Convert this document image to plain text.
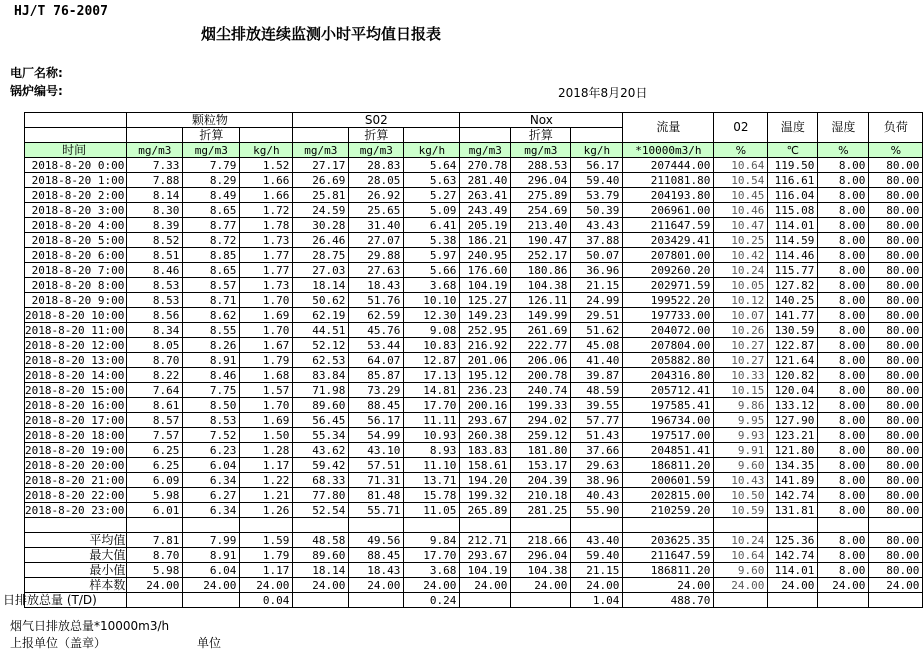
HJ/T 76-2007
烟尘排放连续监测小时平均值日报表
电厂名称:
锅炉编号:	2018年8月20日
	颗粒物			S02			Nox			流量	02	温度	湿度	负荷
		折算			折算			折算						
时间	mg/m3	mg/m3	kg/h	mg/m3	mg/m3	kg/h	mg/m3	mg/m3	kg/h	*10000m3/h	%	℃	%	%
2018-8-20 0:00	7.33	7.79	1.52	27.17	28.83	5.64	270.78	288.53	56.17	207444.00	10.64	119.50	8.00	80.00
2018-8-20 1:00	7.88	8.29	1.66	26.69	28.05	5.63	281.40	296.04	59.40	211081.80	10.54	116.61	8.00	80.00
2018-8-20 2:00	8.14	8.49	1.66	25.81	26.92	5.27	263.41	275.89	53.79	204193.80	10.45	116.04	8.00	80.00
2018-8-20 3:00	8.30	8.65	1.72	24.59	25.65	5.09	243.49	254.69	50.39	206961.00	10.46	115.08	8.00	80.00
2018-8-20 4:00	8.39	8.77	1.78	30.28	31.40	6.41	205.19	213.40	43.43	211647.59	10.47	114.01	8.00	80.00
2018-8-20 5:00	8.52	8.72	1.73	26.46	27.07	5.38	186.21	190.47	37.88	203429.41	10.25	114.59	8.00	80.00
2018-8-20 6:00	8.51	8.85	1.77	28.75	29.88	5.97	240.95	252.17	50.07	207801.00	10.42	114.46	8.00	80.00
2018-8-20 7:00	8.46	8.65	1.77	27.03	27.63	5.66	176.60	180.86	36.96	209260.20	10.24	115.77	8.00	80.00
2018-8-20 8:00	8.53	8.57	1.73	18.14	18.43	3.68	104.19	104.38	21.15	202971.59	10.05	127.82	8.00	80.00
2018-8-20 9:00	8.53	8.71	1.70	50.62	51.76	10.10	125.27	126.11	24.99	199522.20	10.12	140.25	8.00	80.00
2018-8-20 10:00	8.56	8.62	1.69	62.19	62.59	12.30	149.23	149.99	29.51	197733.00	10.07	141.77	8.00	80.00
2018-8-20 11:00	8.34	8.55	1.70	44.51	45.76	9.08	252.95	261.69	51.62	204072.00	10.26	130.59	8.00	80.00
2018-8-20 12:00	8.05	8.26	1.67	52.12	53.44	10.83	216.92	222.77	45.08	207804.00	10.27	122.87	8.00	80.00
2018-8-20 13:00	8.70	8.91	1.79	62.53	64.07	12.87	201.06	206.06	41.40	205882.80	10.27	121.64	8.00	80.00
2018-8-20 14:00	8.22	8.46	1.68	83.84	85.87	17.13	195.12	200.78	39.87	204316.80	10.33	120.82	8.00	80.00
2018-8-20 15:00	7.64	7.75	1.57	71.98	73.29	14.81	236.23	240.74	48.59	205712.41	10.15	120.04	8.00	80.00
2018-8-20 16:00	8.61	8.50	1.70	89.60	88.45	17.70	200.16	199.33	39.55	197585.41	9.86	133.12	8.00	80.00
2018-8-20 17:00	8.57	8.53	1.69	56.45	56.17	11.11	293.67	294.02	57.77	196734.00	9.95	127.90	8.00	80.00
2018-8-20 18:00	7.57	7.52	1.50	55.34	54.99	10.93	260.38	259.12	51.43	197517.00	9.93	123.21	8.00	80.00
2018-8-20 19:00	6.25	6.23	1.28	43.62	43.10	8.93	183.83	181.80	37.66	204851.41	9.91	121.80	8.00	80.00
2018-8-20 20:00	6.25	6.04	1.17	59.42	57.51	11.10	158.61	153.17	29.63	186811.20	9.60	134.35	8.00	80.00
2018-8-20 21:00	6.09	6.34	1.22	68.33	71.31	13.71	194.20	204.39	38.96	200601.59	10.43	141.89	8.00	80.00
2018-8-20 22:00	5.98	6.27	1.21	77.80	81.48	15.78	199.32	210.18	40.43	202815.00	10.50	142.74	8.00	80.00
2018-8-20 23:00	6.01	6.34	1.26	52.54	55.71	11.05	265.89	281.25	55.90	210259.20	10.59	131.81	8.00	80.00

平均值	7.81	7.99	1.59	48.58	49.56	9.84	212.71	218.66	43.40	203625.35	10.24	125.36	8.00	80.00
最大值	8.70	8.91	1.79	89.60	88.45	17.70	293.67	296.04	59.40	211647.59	10.64	142.74	8.00	80.00
最小值	5.98	6.04	1.17	18.14	18.43	3.68	104.19	104.38	21.15	186811.20	9.60	114.01	8.00	80.00
样本数	24.00	24.00	24.00	24.00	24.00	24.00	24.00	24.00	24.00	24.00	24.00	24.00	24.00	24.00
日排放总量 (T/D)			0.04			0.24			1.04	488.70				
烟气日排放总量*10000m3/h
上报单位（盖章）	单位
